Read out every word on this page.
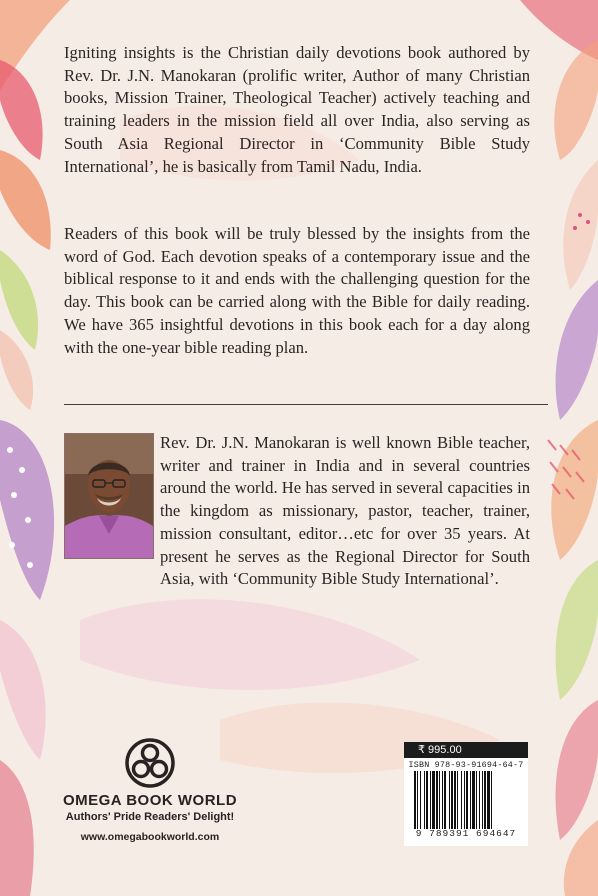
Igniting insights is the Christian daily devotions book authored by Rev. Dr. J.N. Manokaran (prolific writer, Author of many Christian books, Mission Trainer, Theological Teacher) actively teaching and training leaders in the mission field all over India, also serving as South Asia Regional Director in ‘Community Bible Study International’, he is basically from Tamil Nadu, India.

Readers of this book will be truly blessed by the insights from the word of God. Each devotion speaks of a contemporary issue and the biblical response to it and ends with the challenging question for the day. This book can be carried along with the Bible for daily reading. We have 365 insightful devotions in this book each for a day along with the one-year bible reading plan.

Rev. Dr. J.N. Manokaran is well known Bible teacher, writer and trainer in India and in several countries around the world. He has served in several capacities in the kingdom as missionary, pastor, teacher, trainer, mission consultant, editor…etc for over 35 years. At present he serves as the Regional Director for South Asia, with ‘Community Bible Study International’.

OMEGA BOOK WORLD
Authors' Pride Readers' Delight!
www.omegabookworld.com
₹ 995.00
ISBN 978-93-91694-64-7
9 789391 694647
